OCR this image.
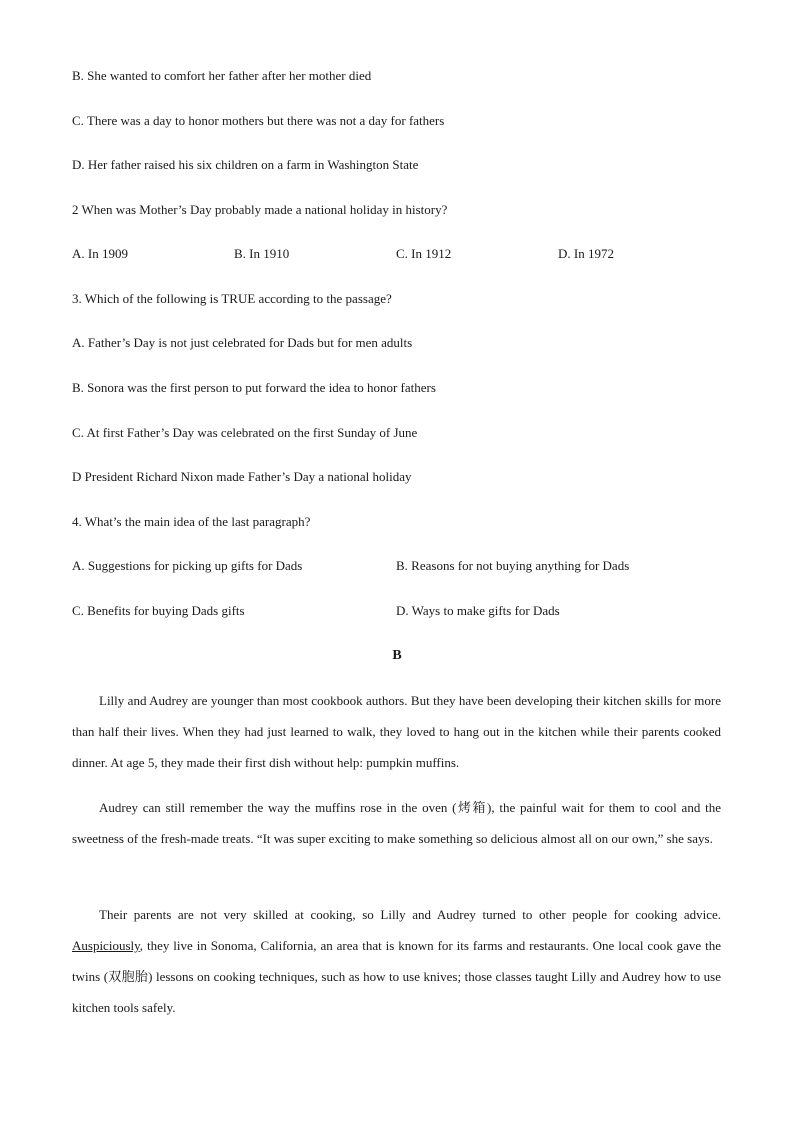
B. She wanted to comfort her father after her mother died
C. There was a day to honor mothers but there was not a day for fathers
D. Her father raised his six children on a farm in Washington State
2 When was Mother’s Day probably made a national holiday in history?
A. In 1909	B. In 1910	C. In 1912	D. In 1972
3. Which of the following is TRUE according to the passage?
A. Father’s Day is not just celebrated for Dads but for men adults
B. Sonora was the first person to put forward the idea to honor fathers
C. At first Father’s Day was celebrated on the first Sunday of June
D President Richard Nixon made Father’s Day a national holiday
4. What’s the main idea of the last paragraph?
A. Suggestions for picking up gifts for Dads	B. Reasons for not buying anything for Dads
C. Benefits for buying Dads gifts	D. Ways to make gifts for Dads
B
Lilly and Audrey are younger than most cookbook authors. But they have been developing their kitchen skills for more than half their lives. When they had just learned to walk, they loved to hang out in the kitchen while their parents cooked dinner. At age 5, they made their first dish without help: pumpkin muffins.
Audrey can still remember the way the muffins rose in the oven (烤箱), the painful wait for them to cool and the sweetness of the fresh-made treats. “It was super exciting to make something so delicious almost all on our own,” she says.
Their parents are not very skilled at cooking, so Lilly and Audrey turned to other people for cooking advice. Auspiciously, they live in Sonoma, California, an area that is known for its farms and restaurants. One local cook gave the twins (双胞胎) lessons on cooking techniques, such as how to use knives; those classes taught Lilly and Audrey how to use kitchen tools safely.
